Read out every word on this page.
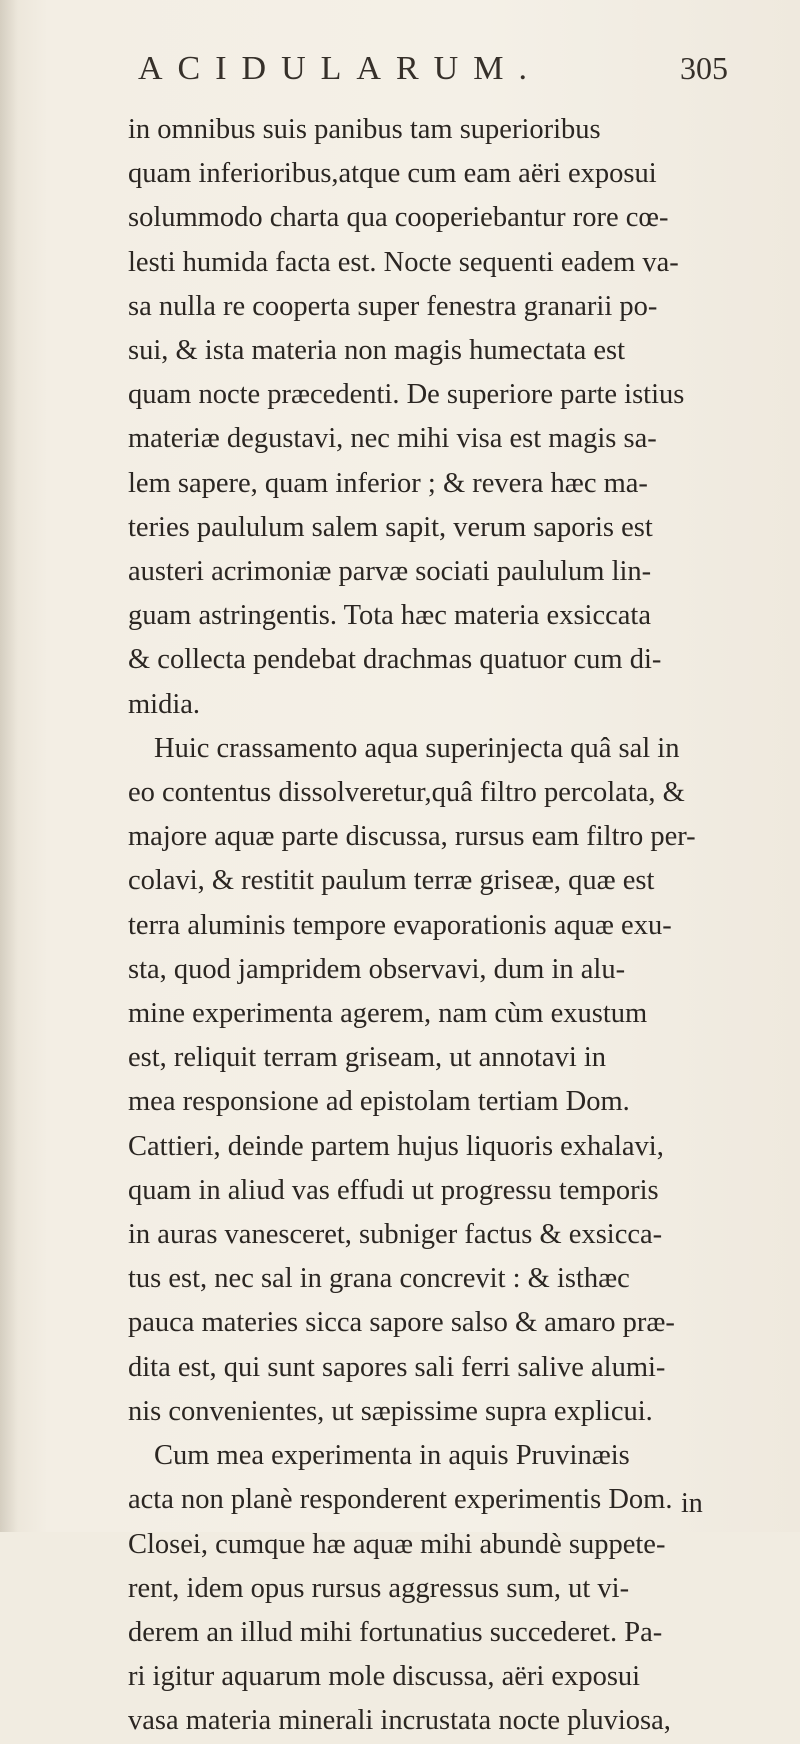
ACIDULARUM.	305
in omnibus suis panibus tam superioribus
quam inferioribus,atque cum eam aëri exposui
solummodo charta qua cooperiebantur rore cœ-
lesti humida facta est. Nocte sequenti eadem va-
sa nulla re cooperta super fenestra granarii po-
sui, & ista materia non magis humectata est
quam nocte præcedenti. De superiore parte istius
materiæ degustavi, nec mihi visa est magis sa-
lem sapere, quam inferior ; & revera hæc ma-
teries paululum salem sapit, verum saporis est
austeri acrimoniæ parvæ sociati paululum lin-
guam astringentis. Tota hæc materia exsiccata
& collecta pendebat drachmas quatuor cum di-
midia.
Huic crassamento aqua superinjecta quâ sal in
eo contentus dissolveretur,quâ filtro percolata, &
majore aquæ parte discussa, rursus eam filtro per-
colavi, & restitit paulum terræ griseæ, quæ est
terra aluminis tempore evaporationis aquæ exu-
sta, quod jampridem observavi, dum in alu-
mine experimenta agerem, nam cùm exustum
est, reliquit terram griseam, ut annotavi in
mea responsione ad epistolam tertiam Dom.
Cattieri, deinde partem hujus liquoris exhalavi,
quam in aliud vas effudi ut progressu temporis
in auras vanesceret, subniger factus & exsicca-
tus est, nec sal in grana concrevit : & isthæc
pauca materies sicca sapore salso & amaro præ-
dita est, qui sunt sapores sali ferri salive alumi-
nis convenientes, ut sæpissime supra explicui.
Cum mea experimenta in aquis Pruvinæis
acta non planè responderent experimentis Dom.
Closei, cumque hæ aquæ mihi abundè suppete-
rent, idem opus rursus aggressus sum, ut vi-
derem an illud mihi fortunatius succederet. Pa-
ri igitur aquarum mole discussa, aëri exposui
vasa materia minerali incrustata nocte pluviosa,
in
